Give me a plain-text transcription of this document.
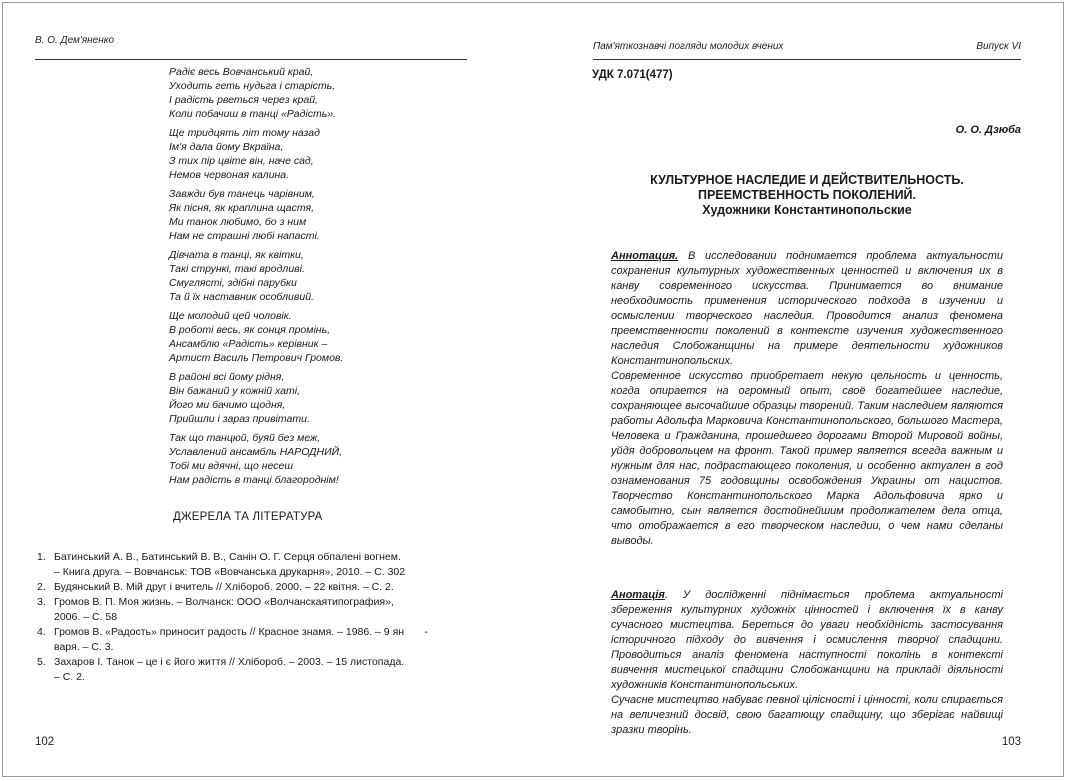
В. О. Дем'яненко
Радіє весь Вовчанський край,
Уходить геть нудьга і старість,
І радість рветься через край,
Коли побачиш в танці «Радість».
Ще тридцять літ тому назад
Ім'я дала йому Вкраїна,
З тих пір цвіте він, наче сад,
Немов червоная калина.
Завжди був танець чарівним,
Як пісня, як краплина щастя,
Ми танок любимо, бо з ним
Нам не страшні любі напасті.
Дівчата в танці, як квітки,
Такі стрункі, такі вродливі.
Смуглясті, здібні парубки
Та й їх наставник особливий.
Ще молодий цей чоловік.
В роботі весь, як сонця промінь,
Ансамблю «Радість» керівник –
Артист Василь Петрович Громов.
В районі всі йому рідня,
Він бажаний у кожній хаті,
Його ми бачимо щодня,
Прийшли і зараз привітати.
Так що танцюй, буяй без меж,
Уславлений ансамбль НАРОДНИЙ,
Тобі ми вдячні, що несеш
Нам радість в танці благороднім!
ДЖЕРЕЛА ТА ЛІТЕРАТУРА
1. Батинський А. В., Батинський В. В., Санін О. Г. Серця обпалені вогнем.
– Книга друга. – Вовчанськ: ТОВ «Вовчанська друкарня», 2010. – С. 302
2. Будянський В. Мій друг і вчитель // Хлібороб. 2000. – 22 квітня. – С. 2.
3. Громов В. П. Моя жизнь. – Волчанск: ООО «Волчанскаятипография»,
2006. – С. 58
4. Громов В. «Радость» приносит радость // Красное знамя. – 1986. – 9 ян       -
варя. – С. 3.
5. Захаров І. Танок – це і є його життя // Хлібороб. – 2003. – 15 листопада.
– С. 2.
102
Пам'яткознавчі погляди молодих вчених	Випуск VI
УДК 7.071(477)
О. О. Дзюба
КУЛЬТУРНОЕ НАСЛЕДИЕ И ДЕЙСТВИТЕЛЬНОСТЬ.
ПРЕЕМСТВЕННОСТЬ ПОКОЛЕНИЙ.
Художники Константинопольские

Аннотация. В исследовании поднимается проблема актуальности сохранения культурных художественных ценностей и включения их в канву современного искусства. Принимается во внимание необходимость применения исторического подхода в изучении и осмыслении творческого наследия. Проводится анализ феномена преемственности поколений в контексте изучения художественного наследия Слобожанщины на примере деятельности художников Константинопольских.

Современное искусство приобретает некую цельность и ценность, когда опирается на огромный опыт, своё богатейшее наследие, сохраняющее высочайшие образцы творений. Таким наследием являются работы Адольфа Марковича Константинопольского, большого Мастера, Человека и Гражданина, прошедшего дорогами Второй Мировой войны, уйдя добровольцем на фронт. Такой пример является всегда важным и нужным для нас, подрастающего поколения, и особенно актуален в год ознаменования 75 годовщины освобождения Украины от нацистов. Творчество Константинопольского Марка Адольфовича ярко и самобытно, сын является достойнейшим продолжателем дела отца, что отображается в его творческом наследии, о чем нами сделаны выводы.

Анотація. У дослідженні піднімається проблема актуальності збереження культурних художніх цінностей і включення їх в канву сучасного мистецтва. Береться до уваги необхідність застосування історичного підходу до вивчення і осмислення творчої спадщини. Проводиться аналіз феномена наступності поколінь в контексті вивчення мистецької спадщини Слобожанщини на прикладі діяльності художників Константинопольських.

Сучасне мистецтво набуває певної цілісності і цінності, коли спирається на величезний досвід, свою багатющу спадщину, що зберігає найвищі зразки творінь.

103
